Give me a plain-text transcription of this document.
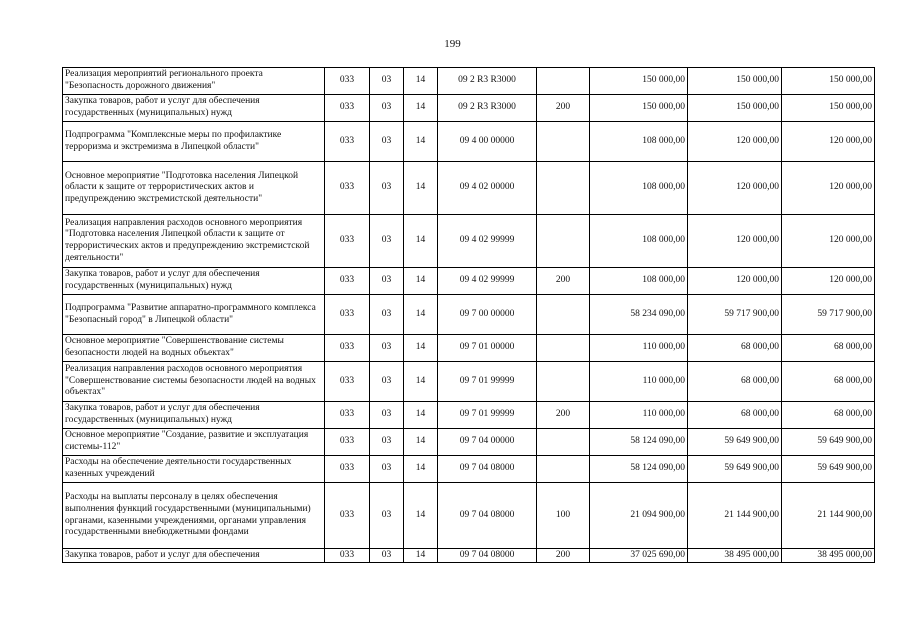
199
Реализация мероприятий регионального проекта "Безопасность дорожного движения"	033	03	14	09 2 R3 R3000		150 000,00	150 000,00	150 000,00
Закупка товаров, работ и услуг для обеспечения государственных (муниципальных) нужд	033	03	14	09 2 R3 R3000	200	150 000,00	150 000,00	150 000,00
Подпрограмма "Комплексные меры по профилактике терроризма и экстремизма в Липецкой области"	033	03	14	09 4 00 00000		108 000,00	120 000,00	120 000,00
Основное мероприятие "Подготовка населения Липецкой области к защите от террористических актов и предупреждению экстремистской деятельности"	033	03	14	09 4 02 00000		108 000,00	120 000,00	120 000,00
Реализация направления расходов основного мероприятия "Подготовка населения Липецкой области к защите от террористических актов и предупреждению экстремистской деятельности"	033	03	14	09 4 02 99999		108 000,00	120 000,00	120 000,00
Закупка товаров, работ и услуг для обеспечения государственных (муниципальных) нужд	033	03	14	09 4 02 99999	200	108 000,00	120 000,00	120 000,00
Подпрограмма "Развитие аппаратно-программного комплекса "Безопасный город" в Липецкой области"	033	03	14	09 7 00 00000		58 234 090,00	59 717 900,00	59 717 900,00
Основное мероприятие "Совершенствование системы безопасности людей на водных объектах"	033	03	14	09 7 01 00000		110 000,00	68 000,00	68 000,00
Реализация направления расходов основного мероприятия "Совершенствование системы безопасности людей на водных объектах"	033	03	14	09 7 01 99999		110 000,00	68 000,00	68 000,00
Закупка товаров, работ и услуг для обеспечения государственных (муниципальных) нужд	033	03	14	09 7 01 99999	200	110 000,00	68 000,00	68 000,00
Основное мероприятие "Создание, развитие и эксплуатация системы-112"	033	03	14	09 7 04 00000		58 124 090,00	59 649 900,00	59 649 900,00
Расходы на обеспечение деятельности государственных казенных учреждений	033	03	14	09 7 04 08000		58 124 090,00	59 649 900,00	59 649 900,00
Расходы на выплаты персоналу в целях обеспечения выполнения функций государственными (муниципальными) органами, казенными учреждениями, органами управления государственными внебюджетными фондами	033	03	14	09 7 04 08000	100	21 094 900,00	21 144 900,00	21 144 900,00
Закупка товаров, работ и услуг для обеспечения	033	03	14	09 7 04 08000	200	37 025 690,00	38 495 000,00	38 495 000,00
